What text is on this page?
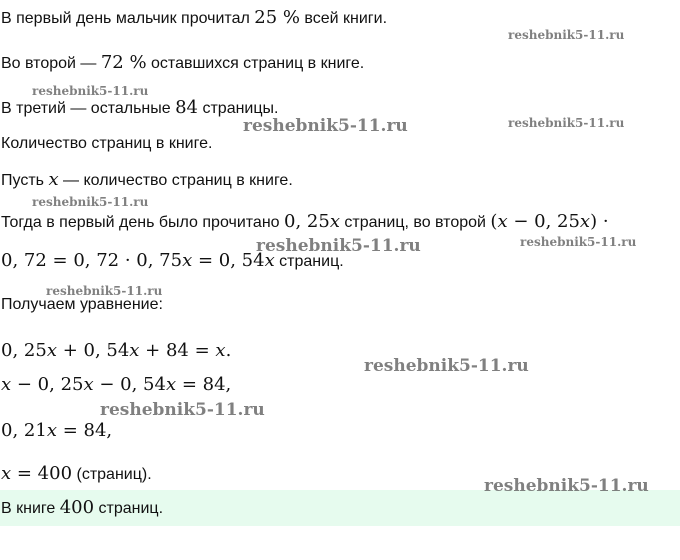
В первый день мальчик прочитал 25 % всей книги.
Во второй — 72 % оставшихся страниц в книге.
В третий — остальные 84 страницы.
Количество страниц в книге.
Пусть x — количество страниц в книге.
Тогда в первый день было прочитано 0, 25x страниц, во второй (x − 0, 25x) ·
0, 72 = 0, 72 · 0, 75x = 0, 54x страниц.
Получаем уравнение:
0, 25x + 0, 54x + 84 = x.
x − 0, 25x − 0, 54x = 84,
0, 21x = 84,
x = 400 (страниц).
В книге 400 страниц.
reshebnik5-11.ru
reshebnik5-11.ru
reshebnik5-11.ru	reshebnik5-11.ru
reshebnik5-11.ru
reshebnik5-11.ru	reshebnik5-11.ru
reshebnik5-11.ru
reshebnik5-11.ru
reshebnik5-11.ru
reshebnik5-11.ru
